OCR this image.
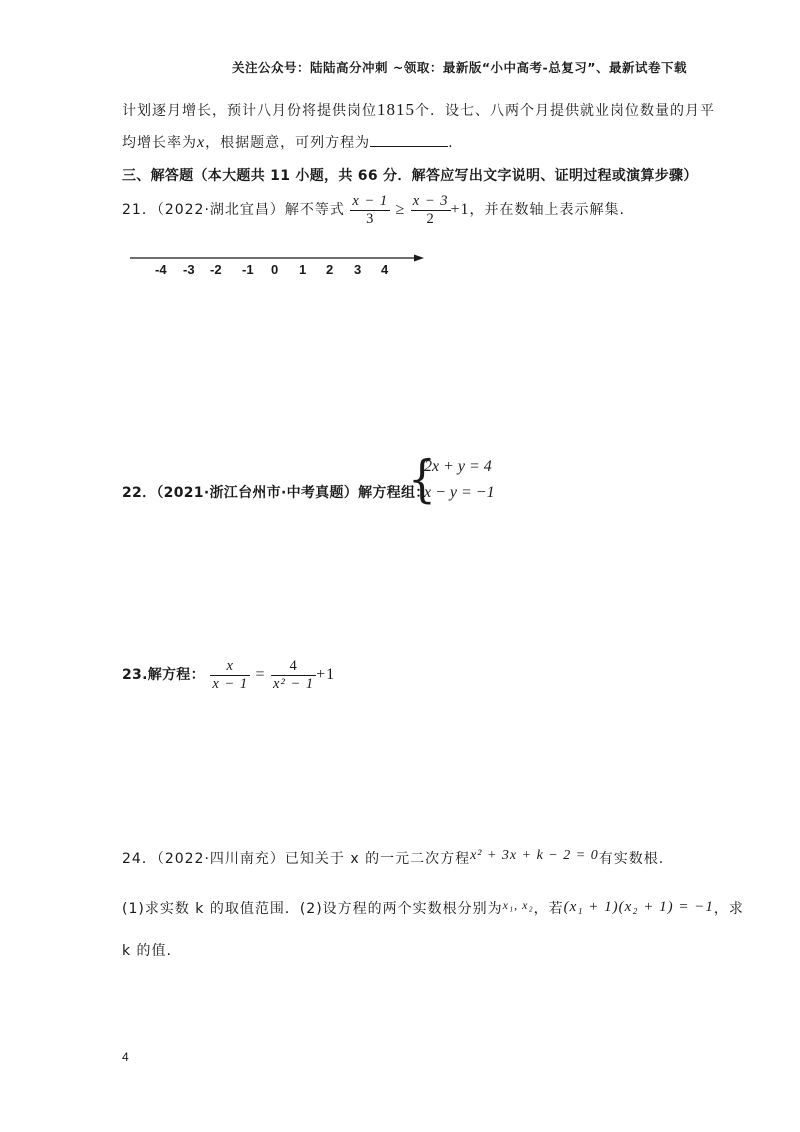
关注公众号：陆陆高分冲刺 ~领取：最新版“小中高考-总复习”、最新试卷下载
计划逐月增长，预计八月份将提供岗位1815个．设七、八两个月提供就业岗位数量的月平
均增长率为x，根据题意，可列方程为	.
三、解答题（本大题共 11 小题，共 66 分．解答应写出文字说明、证明过程或演算步骤）
21．（2022·湖北宜昌）解不等式 $\frac{x - 1}{3} \ge \frac{x - 3}{2} +1$，并在数轴上表示解集.
-4 -3 -2 -1 0 1 2 3 4
22．（2021·浙江台州市·中考真题）解方程组：
{
2x + y = 4
x − y = −1
23.解方程： $\frac{x}{x - 1} = \frac{4}{\text{x² − 1}} +1$
24．（2022·四川南充）已知关于 x 的一元二次方程x² + 3x + k − 2 = 0有实数根.
(1)求实数 k 的取值范围．(2)设方程的两个实数根分别为x₁, x₂，若(x₁ + 1)(x₂ + 1) = −1，求
k 的值.
4
